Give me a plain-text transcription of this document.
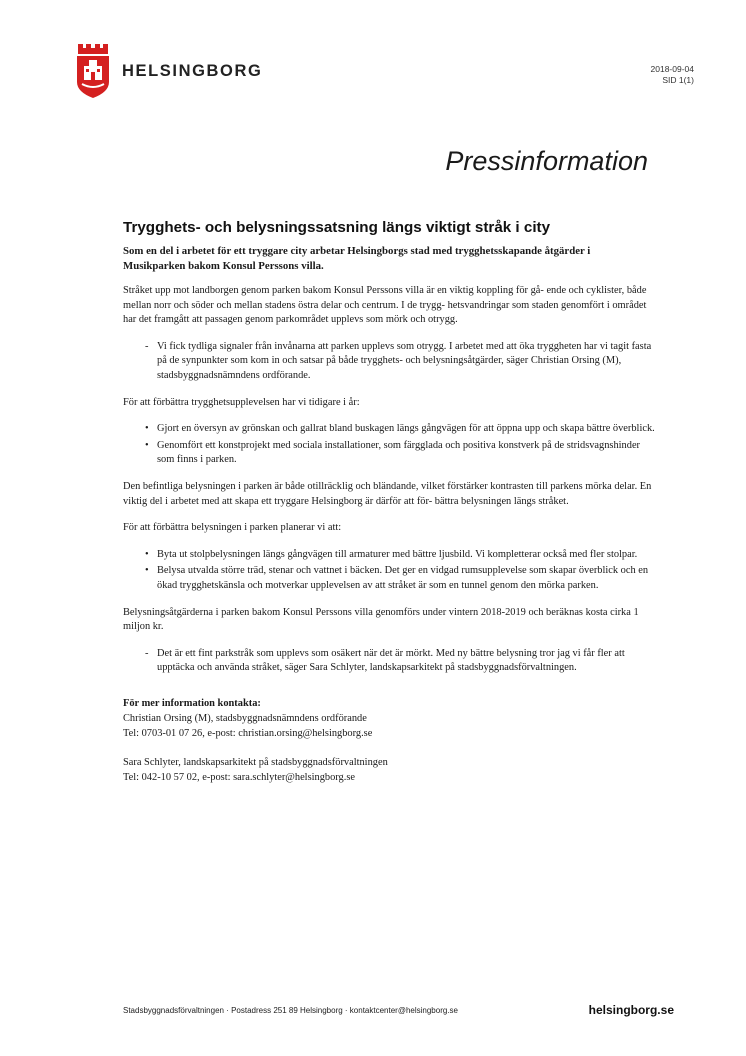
HELSINGBORG	2018-09-04
SID 1(1)
Pressinformation
Trygghets- och belysningssatsning längs viktigt stråk i city
Som en del i arbetet för ett tryggare city arbetar Helsingborgs stad med trygghetsskapande åtgärder i Musikparken bakom Konsul Perssons villa.
Stråket upp mot landborgen genom parken bakom Konsul Perssons villa är en viktig koppling för gå- ende och cyklister, både mellan norr och söder och mellan stadens östra delar och centrum. I de trygg- hetsvandringar som staden genomfört i området har det framgått att passagen genom parkområdet upplevs som mörk och otrygg.
- Vi fick tydliga signaler från invånarna att parken upplevs som otrygg. I arbetet med att öka tryggheten har vi tagit fasta på de synpunkter som kom in och satsar på både trygghets- och belysningsåtgärder, säger Christian Orsing (M), stadsbyggnadsnämndens ordförande.
För att förbättra trygghetsupplevelsen har vi tidigare i år:
• Gjort en översyn av grönskan och gallrat bland buskagen längs gångvägen för att öppna upp och skapa bättre överblick.
• Genomfört ett konstprojekt med sociala installationer, som färgglada och positiva konstverk på de stridsvagnshinder som finns i parken.
Den befintliga belysningen i parken är både otillräcklig och bländande, vilket förstärker kontrasten till parkens mörka delar. En viktig del i arbetet med att skapa ett tryggare Helsingborg är därför att för- bättra belysningen längs stråket.
För att förbättra belysningen i parken planerar vi att:
• Byta ut stolpbelysningen längs gångvägen till armaturer med bättre ljusbild. Vi kompletterar också med fler stolpar.
• Belysa utvalda större träd, stenar och vattnet i bäcken. Det ger en vidgad rumsupplevelse som skapar överblick och en ökad trygghetskänsla och motverkar upplevelsen av att stråket är som en tunnel genom den mörka parken.
Belysningsåtgärderna i parken bakom Konsul Perssons villa genomförs under vintern 2018-2019 och beräknas kosta cirka 1 miljon kr.
- Det är ett fint parkstråk som upplevs som osäkert när det är mörkt. Med ny bättre belysning tror jag vi får fler att upptäcka och använda stråket, säger Sara Schlyter, landskapsarkitekt på stadsbyggnadsförvaltningen.
För mer information kontakta:
Christian Orsing (M), stadsbyggnadsnämndens ordförande
Tel: 0703-01 07 26, e-post: christian.orsing@helsingborg.se
Sara Schlyter, landskapsarkitekt på stadsbyggnadsförvaltningen
Tel: 042-10 57 02, e-post: sara.schlyter@helsingborg.se
Stadsbyggnadsförvaltningen · Postadress 251 89 Helsingborg · kontaktcenter@helsingborg.se	helsingborg.se
